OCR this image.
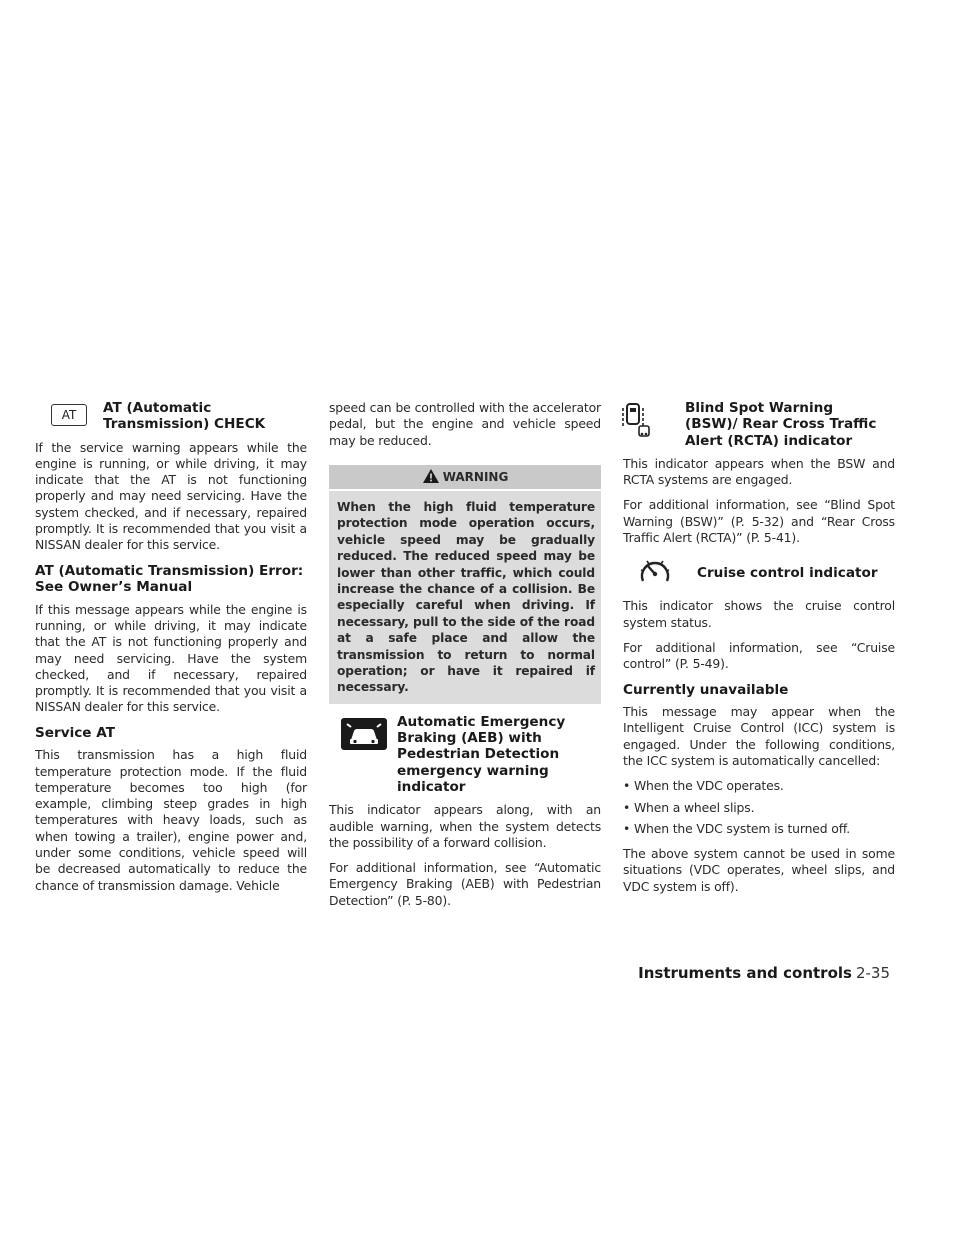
AT	AT (Automatic Transmission) CHECK

If the service warning appears while the engine is running, or while driving, it may indicate that the AT is not functioning properly and may need servicing. Have the system checked, and if necessary, repaired promptly. It is recommended that you visit a NISSAN dealer for this service.

AT (Automatic Transmission) Error: See Owner’s Manual

If this message appears while the engine is running, or while driving, it may indicate that the AT is not functioning properly and may need servicing. Have the system checked, and if necessary, repaired promptly. It is recommended that you visit a NISSAN dealer for this service.

Service AT

This transmission has a high fluid temperature protection mode. If the fluid temperature becomes too high (for example, climbing steep grades in high temperatures with heavy loads, such as when towing a trailer), engine power and, under some conditions, vehicle speed will be decreased automatically to reduce the chance of transmission damage. Vehicle

speed can be controlled with the accelerator pedal, but the engine and vehicle speed may be reduced.

WARNING
When the high fluid temperature protection mode operation occurs, vehicle speed may be gradually reduced. The reduced speed may be lower than other traffic, which could increase the chance of a collision. Be especially careful when driving. If necessary, pull to the side of the road at a safe place and allow the transmission to return to normal operation; or have it repaired if necessary.
Automatic Emergency Braking (AEB) with Pedestrian Detection emergency warning indicator

This indicator appears along, with an audible warning, when the system detects the possibility of a forward collision.

For additional information, see “Automatic Emergency Braking (AEB) with Pedestrian Detection” (P. 5-80).

Blind Spot Warning (BSW)/ Rear Cross Traffic Alert (RCTA) indicator

This indicator appears when the BSW and RCTA systems are engaged.

For additional information, see “Blind Spot Warning (BSW)” (P. 5-32) and “Rear Cross Traffic Alert (RCTA)” (P. 5-41).

Cruise control indicator

This indicator shows the cruise control system status.

For additional information, see “Cruise control” (P. 5-49).

Currently unavailable

This message may appear when the Intelligent Cruise Control (ICC) system is engaged. Under the following conditions, the ICC system is automatically cancelled:

• When the VDC operates.

• When a wheel slips.

• When the VDC system is turned off.

The above system cannot be used in some situations (VDC operates, wheel slips, and VDC system is off).

Instruments and controls 2-35
